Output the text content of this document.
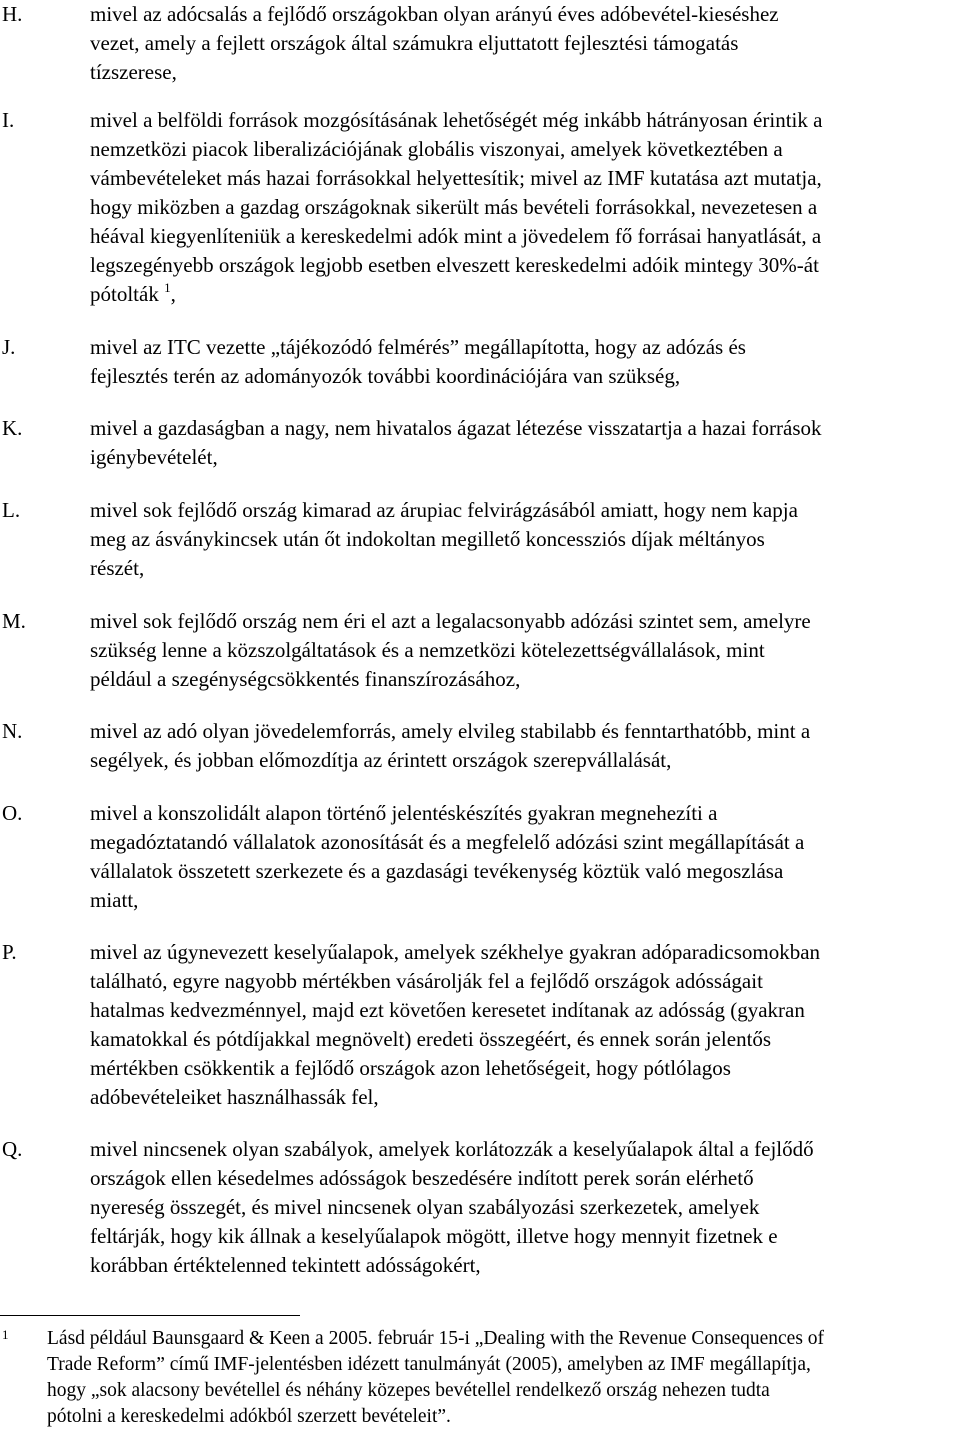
H.	mivel az adócsalás a fejlődő országokban olyan arányú éves adóbevétel-kieséshez
vezet, amely a fejlett országok által számukra eljuttatott fejlesztési támogatás
tízszerese,
I.	mivel a belföldi források mozgósításának lehetőségét még inkább hátrányosan érintik a
nemzetközi piacok liberalizációjának globális viszonyai, amelyek következtében a
vámbevételeket más hazai forrásokkal helyettesítik; mivel az IMF kutatása azt mutatja,
hogy miközben a gazdag országoknak sikerült más bevételi forrásokkal, nevezetesen a
héával kiegyenlíteniük a kereskedelmi adók mint a jövedelem fő forrásai hanyatlását, a
legszegényebb országok legjobb esetben elveszett kereskedelmi adóik mintegy 30%-át
pótolták $^1$,
J.	mivel az ITC vezette „tájékozódó felmérés” megállapította, hogy az adózás és
fejlesztés terén az adományozók további koordinációjára van szükség,
K.	mivel a gazdaságban a nagy, nem hivatalos ágazat létezése visszatartja a hazai források
igénybevételét,
L.	mivel sok fejlődő ország kimarad az árupiac felvirágzásából amiatt, hogy nem kapja
meg az ásványkincsek után őt indokoltan megillető koncessziós díjak méltányos
részét,
M.	mivel sok fejlődő ország nem éri el azt a legalacsonyabb adózási szintet sem, amelyre
szükség lenne a közszolgáltatások és a nemzetközi kötelezettségvállalások, mint
például a szegénységcsökkentés finanszírozásához,
N.	mivel az adó olyan jövedelemforrás, amely elvileg stabilabb és fenntarthatóbb, mint a
segélyek, és jobban előmozdítja az érintett országok szerepvállalását,
O.	mivel a konszolidált alapon történő jelentéskészítés gyakran megnehezíti a
megadóztatandó vállalatok azonosítását és a megfelelő adózási szint megállapítását a
vállalatok összetett szerkezete és a gazdasági tevékenység köztük való megoszlása
miatt,
P.	mivel az úgynevezett keselyűalapok, amelyek székhelye gyakran adóparadicsomokban
található, egyre nagyobb mértékben vásárolják fel a fejlődő országok adósságait
hatalmas kedvezménnyel, majd ezt követően keresetet indítanak az adósság (gyakran
kamatokkal és pótdíjakkal megnövelt) eredeti összegéért, és ennek során jelentős
mértékben csökkentik a fejlődő országok azon lehetőségeit, hogy pótlólagos
adóbevételeiket használhassák fel,
Q.	mivel nincsenek olyan szabályok, amelyek korlátozzák a keselyűalapok által a fejlődő
országok ellen késedelmes adósságok beszedésére indított perek során elérhető
nyereség összegét, és mivel nincsenek olyan szabályozási szerkezetek, amelyek
feltárják, hogy kik állnak a keselyűalapok mögött, illetve hogy mennyit fizetnek e
korábban értéktelenned tekintett adósságokért,
1 Lásd például Baunsgaard & Keen a 2005. február 15-i „Dealing with the Revenue Consequences of
Trade Reform” című IMF-jelentésben idézett tanulmányát (2005), amelyben az IMF megállapítja,
hogy „sok alacsony bevétellel és néhány közepes bevétellel rendelkező ország nehezen tudta
pótolni a kereskedelmi adókból szerzett bevételeit”.
